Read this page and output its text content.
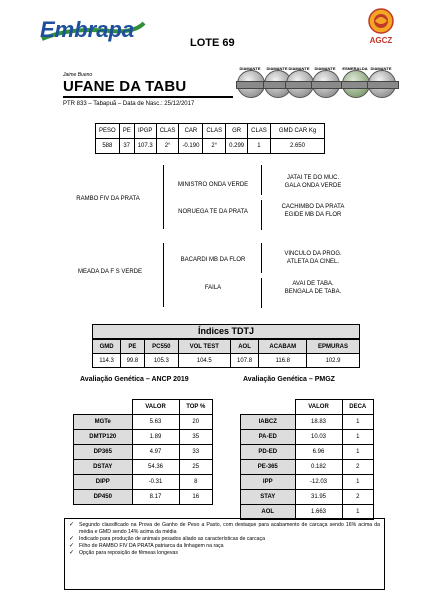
Embrapa
LOTE 69	AGCZ
Jaime Bueno
UFANE DA TABU
PTR 833 – Tabapuã – Data de Nasc.: 25/12/2017
DIAMANTE	DIAMANTE DIAMANTE	DIAMANTE	ESMERALDA DIAMANTE
PESO	PE	IPGP	CLAS	CAR	CLAS	GR	CLAS	GMD CAR Kg
588	37	107.3	2°	-0.190	2°	0.299	1	2.650
RAMBO FIV DA PRATA
MEADA DA F S VERDE
MINISTRO ONDA VERDE
NORUEGA TE DA PRATA
BACARDI MB DA FLOR
FAILA
JATAI TE DO MUC.
GALA ONDA VERDE
CACHIMBO DA PRATA
EGIDE MB DA FLOR
VINCULO DA PROG.
ATLETA DA CINEL.
AVAI DE TABA.
BENGALA DE TABA.
Índices TDTJ
GMD	PE	PC550	VOL TEST	AOL	ACABAM	EPMURAS
114.3	99.8	105.3	104.5	107.8	116.8	102.9
Avaliação Genética – ANCP 2019
	VALOR	TOP %
MGTe	5.63	20
DMTP120	1.89	35
DP365	4.97	33
DSTAY	54.36	25
DIPP	-0.31	8
DP450	8.17	16
Avaliação Genética – PMGZ
	VALOR	DECA
IABCZ	18.83	1
PA-ED	10.03	1
PD-ED	6.96	1
PE-365	0.182	2
IPP	-12.03	1
STAY	31.95	2
AOL	1.663	1
✓ Segundo classificado na Prova de Ganho de Peso a Pasto, com destaque para acabamento de carcaça sendo 16% acima da média e GMD sendo 14% acima da média
✓ Indicado para produção de animais pesados aliado as características de carcaça
✓ Filho de RAMBO FIV DA PRATA patriarca da linhagem na raça
✓ Opção para reposição de fêmeas longevas
